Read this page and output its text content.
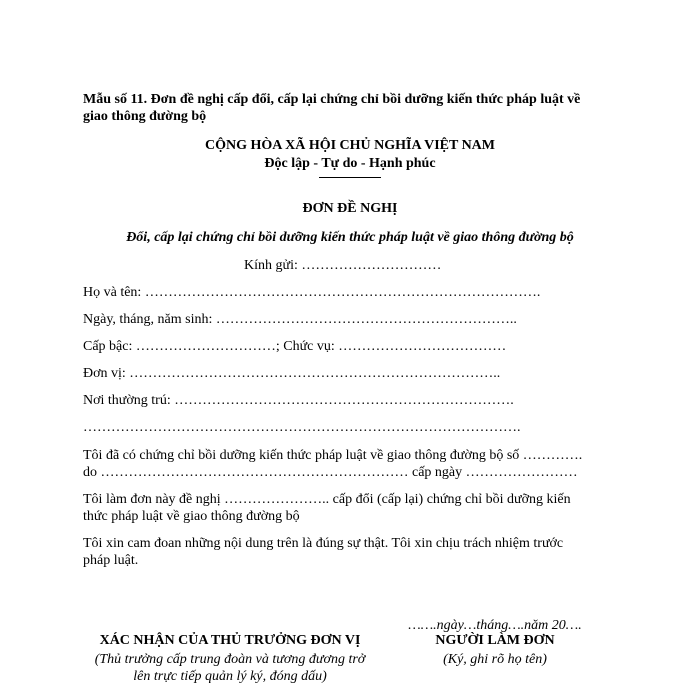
Mẫu số 11. Đơn đề nghị cấp đổi, cấp lại chứng chỉ bồi dưỡng kiến thức pháp luật về
giao thông đường bộ
CỘNG HÒA XÃ HỘI CHỦ NGHĨA VIỆT NAM
Độc lập - Tự do - Hạnh phúc
ĐƠN ĐỀ NGHỊ
Đổi, cấp lại chứng chỉ bồi dưỡng kiến thức pháp luật về giao thông đường bộ
Kính gửi: …………………………
Họ và tên: ………………………………………………………………………….
Ngày, tháng, năm sinh: ………………………………………………………..
Cấp bậc: …………………………; Chức vụ: ………………………………
Đơn vị: ……………………………………………………………………..
Nơi thường trú: ……………………………………………………………….
………………………………………………………………………………….
Tôi đã có chứng chỉ bồi dưỡng kiến thức pháp luật về giao thông đường bộ số ………….
do ………………………………………………………… cấp ngày ……………………
Tôi làm đơn này đề nghị ………………….. cấp đổi (cấp lại) chứng chỉ bồi dưỡng kiến
thức pháp luật về giao thông đường bộ
Tôi xin cam đoan những nội dung trên là đúng sự thật. Tôi xin chịu trách nhiệm trước
pháp luật.
…….ngày…tháng….năm 20….
XÁC NHẬN CỦA THỦ TRƯỞNG ĐƠN VỊ
(Thủ trưởng cấp trung đoàn và tương đương trở
lên trực tiếp quản lý ký, đóng dấu)
NGƯỜI LÀM ĐƠN
(Ký, ghi rõ họ tên)
